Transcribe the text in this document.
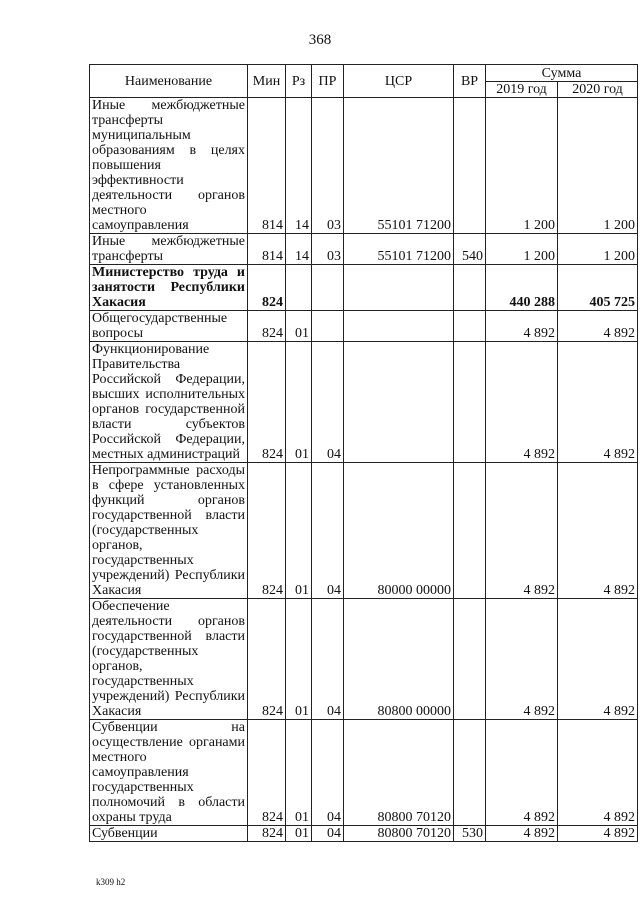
368
Наименование	Мин	Рз	ПР	ЦСР	ВР	Сумма	
						2019 год	2020 год
Иные межбюджетные трансферты муниципальным образованиям в целях повышения эффективности деятельности органов местного самоуправления	814	14	03	55101 71200		1 200	1 200
Иные межбюджетные трансферты	814	14	03	55101 71200	540	1 200	1 200
Министерство труда и занятости Республики Хакасия	824					440 288	405 725
Общегосударственные вопросы	824	01				4 892	4 892
Функционирование Правительства Российской Федерации, высших исполнительных органов государственной власти субъектов Российской Федерации, местных администраций	824	01	04			4 892	4 892
Непрограммные расходы в сфере установленных функций органов государственной власти (государственных органов, государственных учреждений) Республики Хакасия	824	01	04	80000 00000		4 892	4 892
Обеспечение деятельности органов государственной власти (государственных органов, государственных учреждений) Республики Хакасия	824	01	04	80800 00000		4 892	4 892
Субвенции на осуществление органами местного самоуправления государственных полномочий в области охраны труда	824	01	04	80800 70120		4 892	4 892
Субвенции	824	01	04	80800 70120	530	4 892	4 892
k309 h2
